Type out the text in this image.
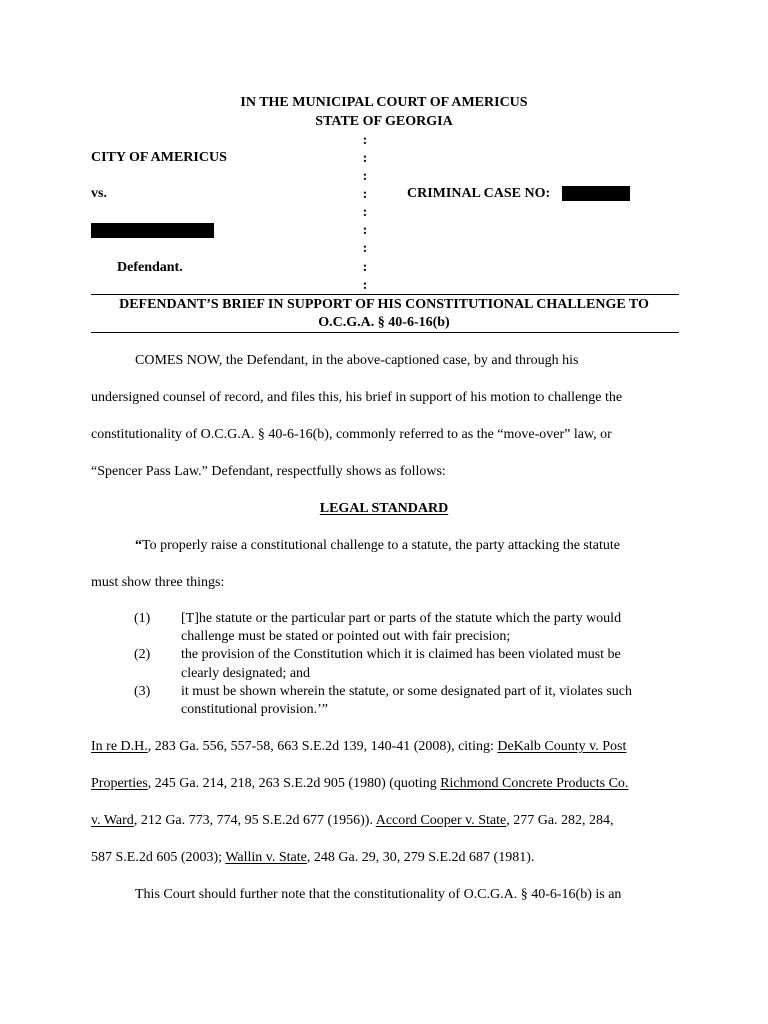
IN THE MUNICIPAL COURT OF AMERICUS
STATE OF GEORGIA
:
:
:
:
:
:
:
:
:
CITY OF AMERICUS
vs.
Defendant.
CRIMINAL CASE NO:
DEFENDANT’S BRIEF IN SUPPORT OF HIS CONSTITUTIONAL CHALLENGE TO
O.C.G.A. § 40-6-16(b)
COMES NOW, the Defendant, in the above-captioned case, by and through his
undersigned counsel of record, and files this, his brief in support of his motion to challenge the
constitutionality of O.C.G.A. § 40-6-16(b), commonly referred to as the “move-over” law, or
“Spencer Pass Law.” Defendant, respectfully shows as follows:
LEGAL STANDARD
“To properly raise a constitutional challenge to a statute, the party attacking the statute
must show three things:
(1)	[T]he statute or the particular part or parts of the statute which the party would
challenge must be stated or pointed out with fair precision;
(2)	the provision of the Constitution which it is claimed has been violated must be
clearly designated; and
(3)	it must be shown wherein the statute, or some designated part of it, violates such
constitutional provision.’”
In re D.H., 283 Ga. 556, 557-58, 663 S.E.2d 139, 140-41 (2008), citing: DeKalb County v. Post
Properties, 245 Ga. 214, 218, 263 S.E.2d 905 (1980) (quoting Richmond Concrete Products Co.
v. Ward, 212 Ga. 773, 774, 95 S.E.2d 677 (1956)). Accord Cooper v. State, 277 Ga. 282, 284,
587 S.E.2d 605 (2003); Wallin v. State, 248 Ga. 29, 30, 279 S.E.2d 687 (1981).
This Court should further note that the constitutionality of O.C.G.A. § 40-6-16(b) is an
